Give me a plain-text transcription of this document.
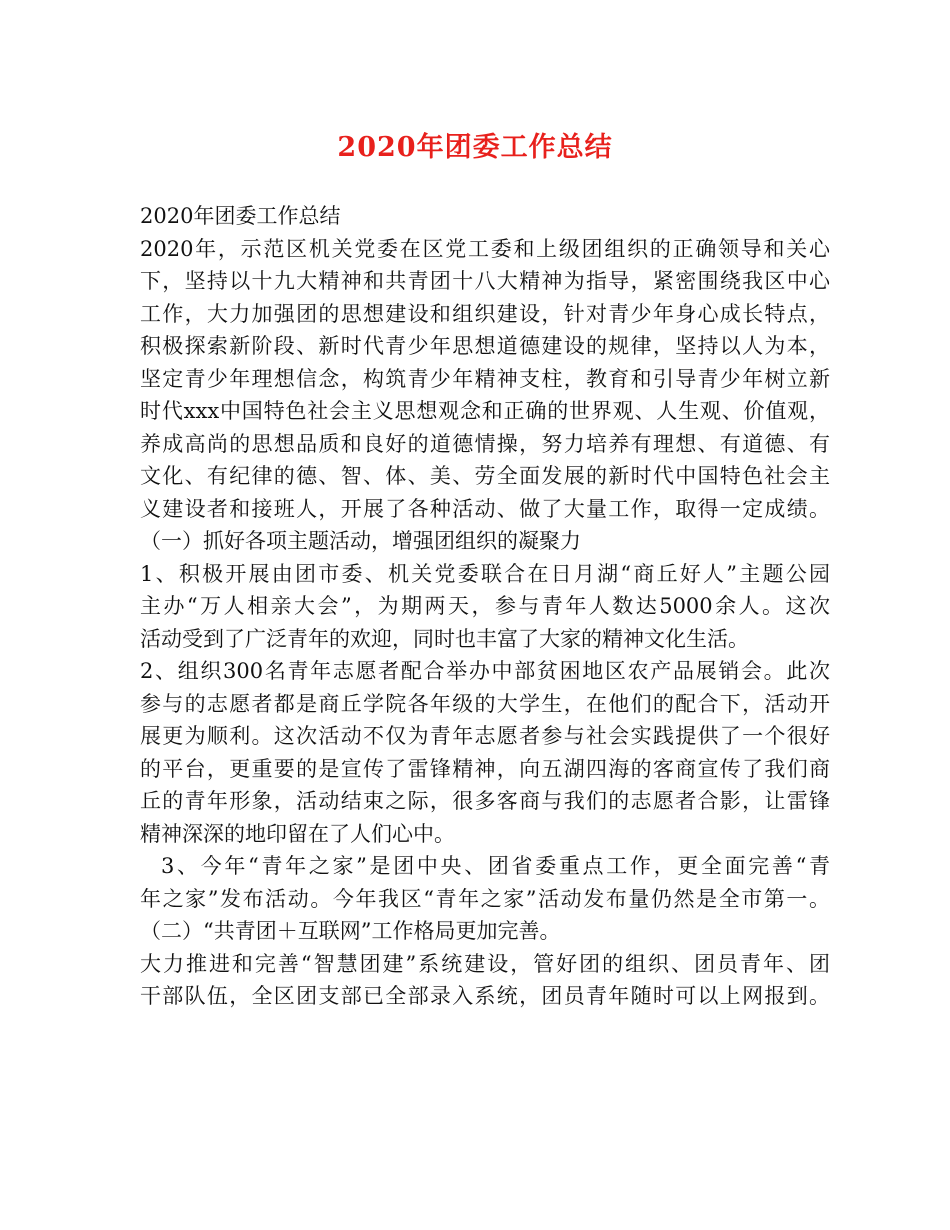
2020年团委工作总结
2020年团委工作总结
2020年，示范区机关党委在区党工委和上级团组织的正确领导和关心
下，坚持以十九大精神和共青团十八大精神为指导，紧密围绕我区中心
工作，大力加强团的思想建设和组织建设，针对青少年身心成长特点，
积极探索新阶段、新时代青少年思想道德建设的规律，坚持以人为本，
坚定青少年理想信念，构筑青少年精神支柱，教育和引导青少年树立新
时代xxx中国特色社会主义思想观念和正确的世界观、人生观、价值观，
养成高尚的思想品质和良好的道德情操，努力培养有理想、有道德、有
文化、有纪律的德、智、体、美、劳全面发展的新时代中国特色社会主
义建设者和接班人，开展了各种活动、做了大量工作，取得一定成绩。
（一）抓好各项主题活动，增强团组织的凝聚力
1、积极开展由团市委、机关党委联合在日月湖“商丘好人”主题公园
主办“万人相亲大会”，为期两天，参与青年人数达5000余人。这次
活动受到了广泛青年的欢迎，同时也丰富了大家的精神文化生活。
2、组织300名青年志愿者配合举办中部贫困地区农产品展销会。此次
参与的志愿者都是商丘学院各年级的大学生，在他们的配合下，活动开
展更为顺利。这次活动不仅为青年志愿者参与社会实践提供了一个很好
的平台，更重要的是宣传了雷锋精神，向五湖四海的客商宣传了我们商
丘的青年形象，活动结束之际，很多客商与我们的志愿者合影，让雷锋
精神深深的地印留在了人们心中。
3、今年“青年之家”是团中央、团省委重点工作，更全面完善“青
年之家”发布活动。今年我区“青年之家”活动发布量仍然是全市第一。
（二）“共青团＋互联网”工作格局更加完善。
大力推进和完善“智慧团建”系统建设，管好团的组织、团员青年、团
干部队伍，全区团支部已全部录入系统，团员青年随时可以上网报到。
